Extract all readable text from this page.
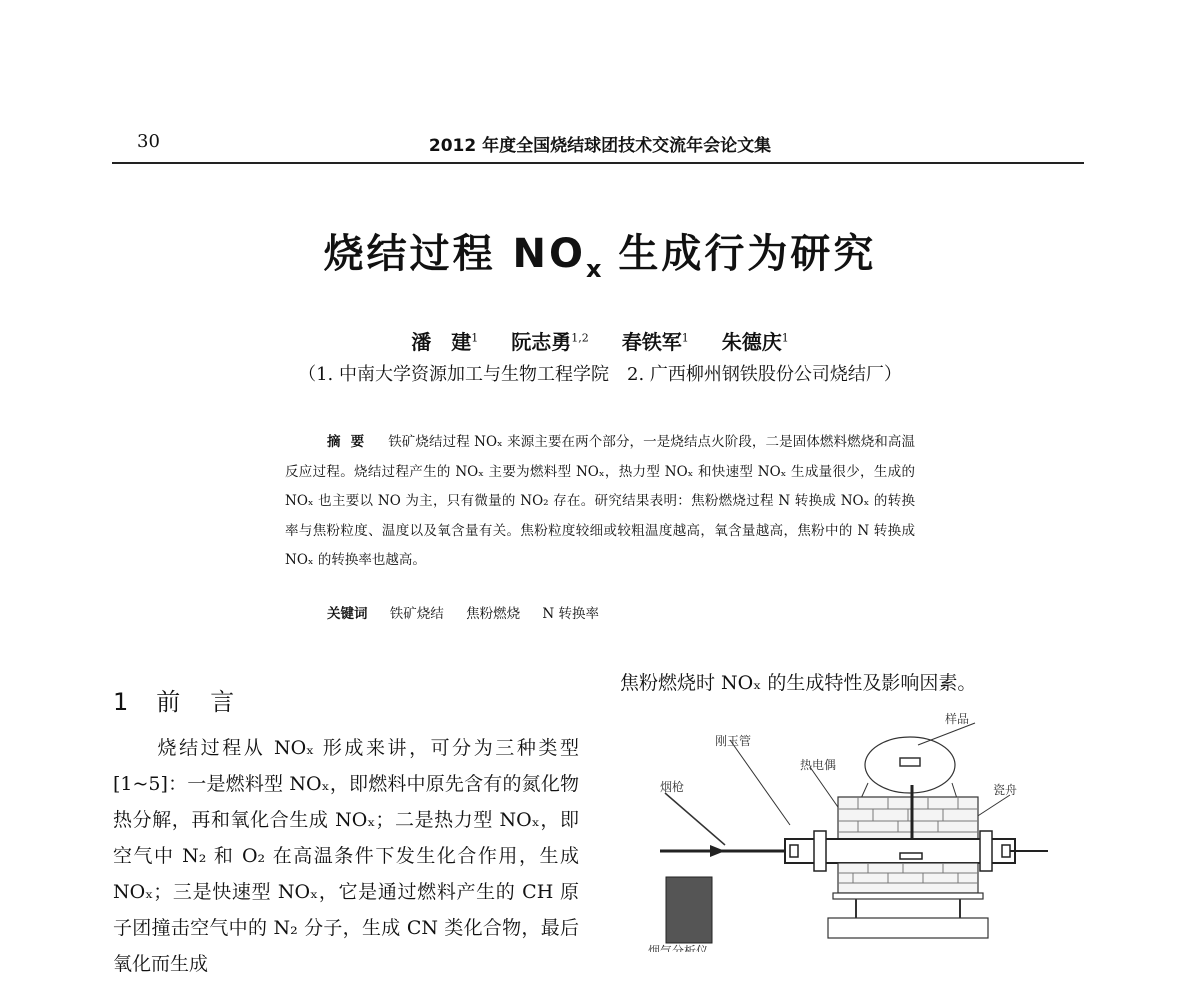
30	2012 年度全国烧结球团技术交流年会论文集
烧结过程 $NO_x$ 生成行为研究
潘　建$^1$ 阮志勇$^{1,2}$ 春铁军$^1$ 朱德庆$^1$
（1. 中南大学资源加工与生物工程学院　2. 广西柳州钢铁股份公司烧结厂）
摘要 铁矿烧结过程 NOₓ 来源主要在两个部分，一是烧结点火阶段，二是固体燃料燃烧和高温反应过程。烧结过程产生的 NOₓ 主要为燃料型 NOₓ，热力型 NOₓ 和快速型 NOₓ 生成量很少，生成的 NOₓ 也主要以 NO 为主，只有微量的 NO₂ 存在。研究结果表明：焦粉燃烧过程 N 转换成 NOₓ 的转换率与焦粉粒度、温度以及氧含量有关。焦粉粒度较细或较粗温度越高，氧含量越高，焦粉中的 N 转换成 NOₓ 的转换率也越高。
关键词 铁矿烧结 焦粉燃烧 N 转换率
1 前言
烧结过程从 NOₓ 形成来讲，可分为三种类型[1~5]：一是燃料型 NOₓ，即燃料中原先含有的氮化物热分解，再和氧化合生成 NOₓ；二是热力型 NOₓ，即空气中 N₂ 和 O₂ 在高温条件下发生化合作用，生成 NOₓ；三是快速型 NOₓ，它是通过燃料产生的 CH 原子团撞击空气中的 N₂ 分子，生成 CN 类化合物，最后氧化而生成
焦粉燃烧时 NOₓ 的生成特性及影响因素。
样品
刚玉管
热电偶
烟枪	瓷舟
烟气分析仪
